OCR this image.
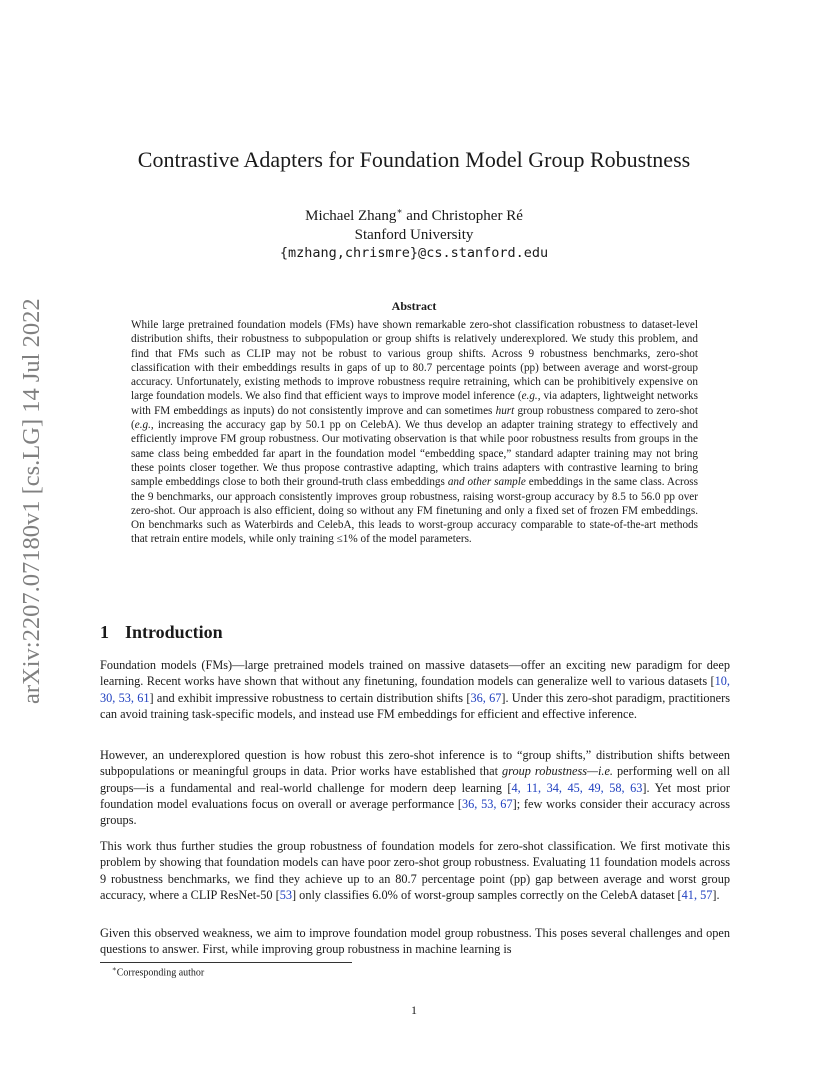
arXiv:2207.07180v1 [cs.LG] 14 Jul 2022
Contrastive Adapters for Foundation Model Group Robustness
Michael Zhang∗ and Christopher Ré
Stanford University
{mzhang,chrismre}@cs.stanford.edu
Abstract

While large pretrained foundation models (FMs) have shown remarkable zero-shot classification robustness to dataset-level distribution shifts, their robustness to subpopulation or group shifts is relatively underexplored. We study this problem, and find that FMs such as CLIP may not be robust to various group shifts. Across 9 robustness benchmarks, zero-shot classification with their embeddings results in gaps of up to 80.7 percentage points (pp) between average and worst-group accuracy. Unfortunately, existing methods to improve robustness require retraining, which can be prohibitively expensive on large foundation models. We also find that efficient ways to improve model inference (e.g., via adapters, lightweight networks with FM embeddings as inputs) do not consistently improve and can sometimes hurt group robustness compared to zero-shot (e.g., increasing the accuracy gap by 50.1 pp on CelebA). We thus develop an adapter training strategy to effectively and efficiently improve FM group robustness. Our motivating observation is that while poor robustness results from groups in the same class being embedded far apart in the foundation model “embedding space,” standard adapter training may not bring these points closer together. We thus propose contrastive adapting, which trains adapters with contrastive learning to bring sample embeddings close to both their ground-truth class embeddings and other sample embeddings in the same class. Across the 9 benchmarks, our approach consistently improves group robustness, raising worst-group accuracy by 8.5 to 56.0 pp over zero-shot. Our approach is also efficient, doing so without any FM finetuning and only a fixed set of frozen FM embeddings. On benchmarks such as Waterbirds and CelebA, this leads to worst-group accuracy comparable to state-of-the-art methods that retrain entire models, while only training ≤1% of the model parameters.

1 Introduction

Foundation models (FMs)—large pretrained models trained on massive datasets—offer an exciting new paradigm for deep learning. Recent works have shown that without any finetuning, foundation models can generalize well to various datasets [10, 30, 53, 61] and exhibit impressive robustness to certain distribution shifts [36, 67]. Under this zero-shot paradigm, practitioners can avoid training task-specific models, and instead use FM embeddings for efficient and effective inference.

However, an underexplored question is how robust this zero-shot inference is to “group shifts,” distribution shifts between subpopulations or meaningful groups in data. Prior works have established that group robustness—i.e. performing well on all groups—is a fundamental and real-world challenge for modern deep learning [4, 11, 34, 45, 49, 58, 63]. Yet most prior foundation model evaluations focus on overall or average performance [36, 53, 67]; few works consider their accuracy across groups.

This work thus further studies the group robustness of foundation models for zero-shot classification. We first motivate this problem by showing that foundation models can have poor zero-shot group robustness. Evaluating 11 foundation models across 9 robustness benchmarks, we find they achieve up to an 80.7 percentage point (pp) gap between average and worst group accuracy, where a CLIP ResNet-50 [53] only classifies 6.0% of worst-group samples correctly on the CelebA dataset [41, 57].

Given this observed weakness, we aim to improve foundation model group robustness. This poses several challenges and open questions to answer. First, while improving group robustness in machine learning is

∗Corresponding author
1
